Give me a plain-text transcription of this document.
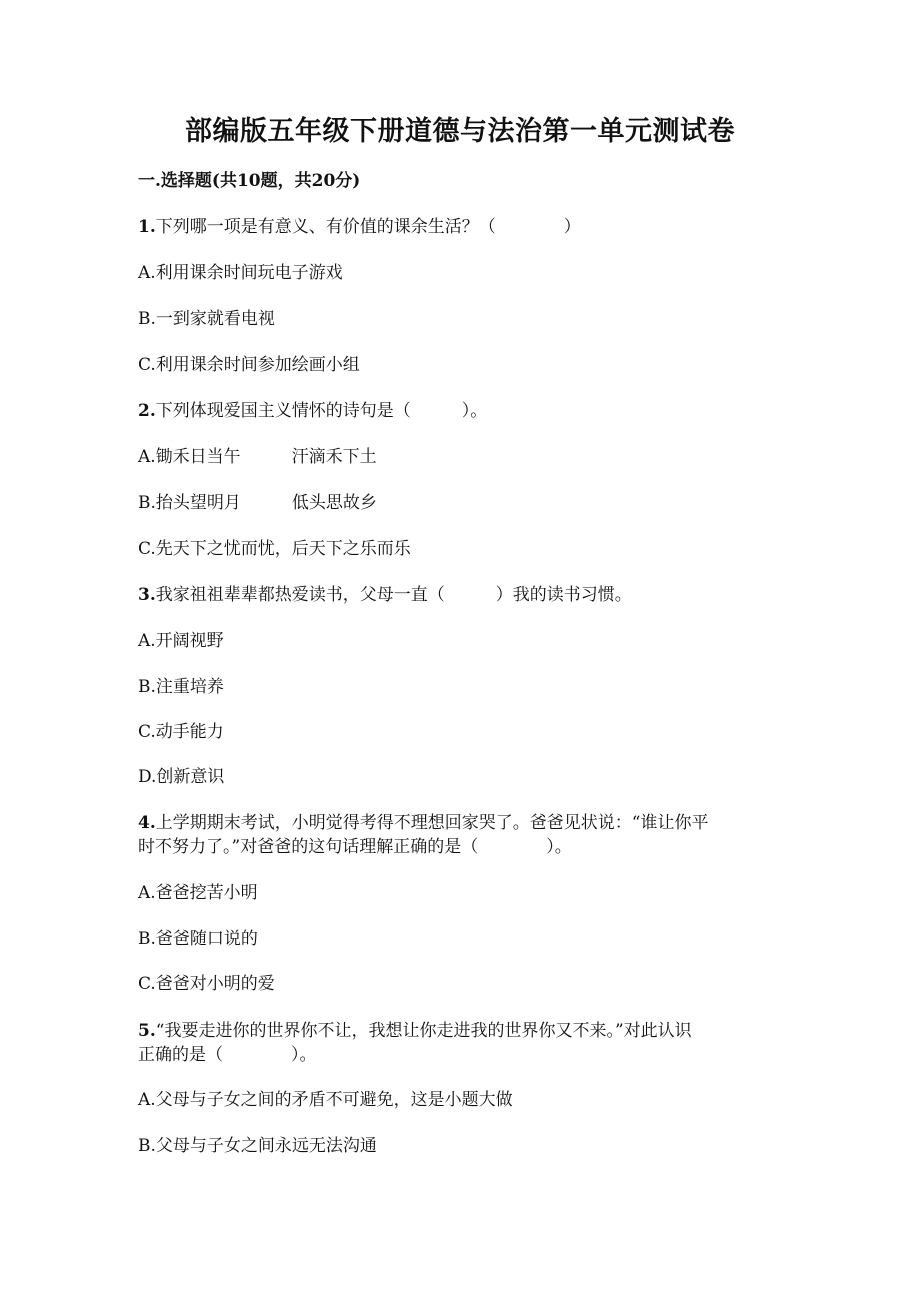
部编版五年级下册道德与法治第一单元测试卷
一.选择题(共10题，共20分)
1.下列哪一项是有意义、有价值的课余生活？（　　　　）
A.利用课余时间玩电子游戏
B.一到家就看电视
C.利用课余时间参加绘画小组
2.下列体现爱国主义情怀的诗句是（　　　）。
A.锄禾日当午　　　汗滴禾下土
B.抬头望明月　　　低头思故乡
C.先天下之忧而忧，后天下之乐而乐
3.我家祖祖辈辈都热爱读书，父母一直（　　　）我的读书习惯。
A.开阔视野
B.注重培养
C.动手能力
D.创新意识
4.上学期期末考试，小明觉得考得不理想回家哭了。爸爸见状说：“谁让你平
时不努力了。”对爸爸的这句话理解正确的是（　　　　）。
A.爸爸挖苦小明
B.爸爸随口说的
C.爸爸对小明的爱
5.“我要走进你的世界你不让，我想让你走进我的世界你又不来。”对此认识
正确的是（　　　　）。
A.父母与子女之间的矛盾不可避免，这是小题大做
B.父母与子女之间永远无法沟通
